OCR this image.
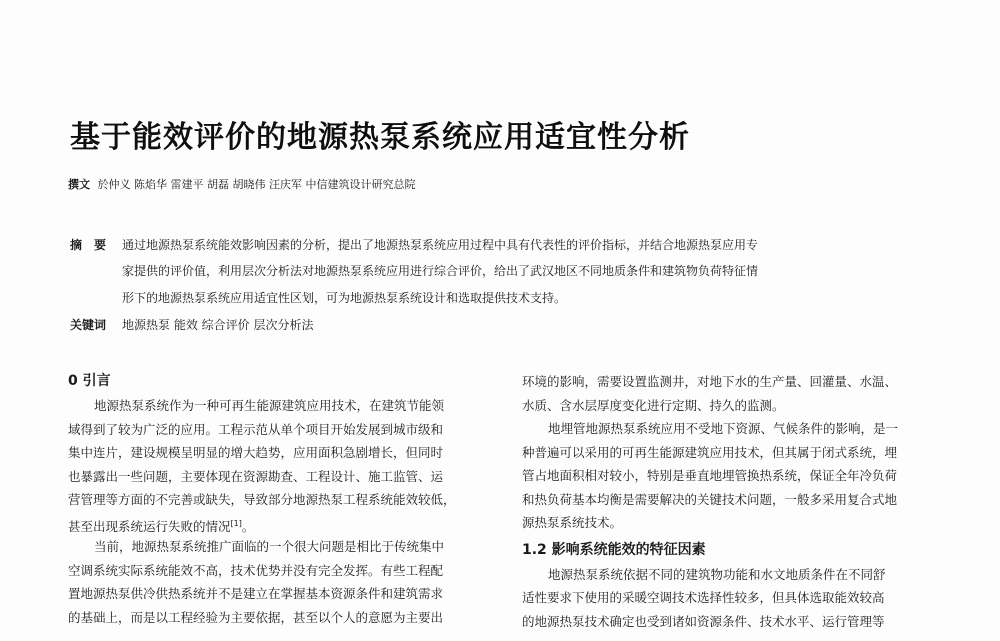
基于能效评价的地源热泵系统应用适宜性分析
撰文 於仲义 陈焰华 雷建平 胡磊 胡晓伟 汪庆军 中信建筑设计研究总院
摘要 通过地源热泵系统能效影响因素的分析，提出了地源热泵系统应用过程中具有代表性的评价指标，并结合地源热泵应用专
家提供的评价值，利用层次分析法对地源热泵系统应用进行综合评价，给出了武汉地区不同地质条件和建筑物负荷特征情
形下的地源热泵系统应用适宜性区划，可为地源热泵系统设计和选取提供技术支持。
关键词 地源热泵 能效 综合评价 层次分析法
0 引言
地源热泵系统作为一种可再生能源建筑应用技术，在建筑节能领
域得到了较为广泛的应用。工程示范从单个项目开始发展到城市级和
集中连片，建设规模呈明显的增大趋势，应用面积急剧增长，但同时
也暴露出一些问题，主要体现在资源勘查、工程设计、施工监管、运
营管理等方面的不完善或缺失，导致部分地源热泵工程系统能效较低，
甚至出现系统运行失败的情况[1]。
当前，地源热泵系统推广面临的一个很大问题是相比于传统集中
空调系统实际系统能效不高，技术优势并没有完全发挥。有些工程配
置地源热泵供冷供热系统并不是建立在掌握基本资源条件和建筑需求
的基础上，而是以工程经验为主要依据，甚至以个人的意愿为主要出
环境的影响，需要设置监测井，对地下水的生产量、回灌量、水温、
水质、含水层厚度变化进行定期、持久的监测。
地埋管地源热泵系统应用不受地下资源、气候条件的影响，是一
种普遍可以采用的可再生能源建筑应用技术，但其属于闭式系统，埋
管占地面积相对较小，特别是垂直地埋管换热系统，保证全年冷负荷
和热负荷基本均衡是需要解决的关键技术问题，一般多采用复合式地
源热泵系统技术。
1.2 影响系统能效的特征因素
地源热泵系统依据不同的建筑物功能和水文地质条件在不同舒
适性要求下使用的采暖空调技术选择性较多，但具体选取能效较高
的地源热泵技术确定也受到诸如资源条件、技术水平、运行管理等
